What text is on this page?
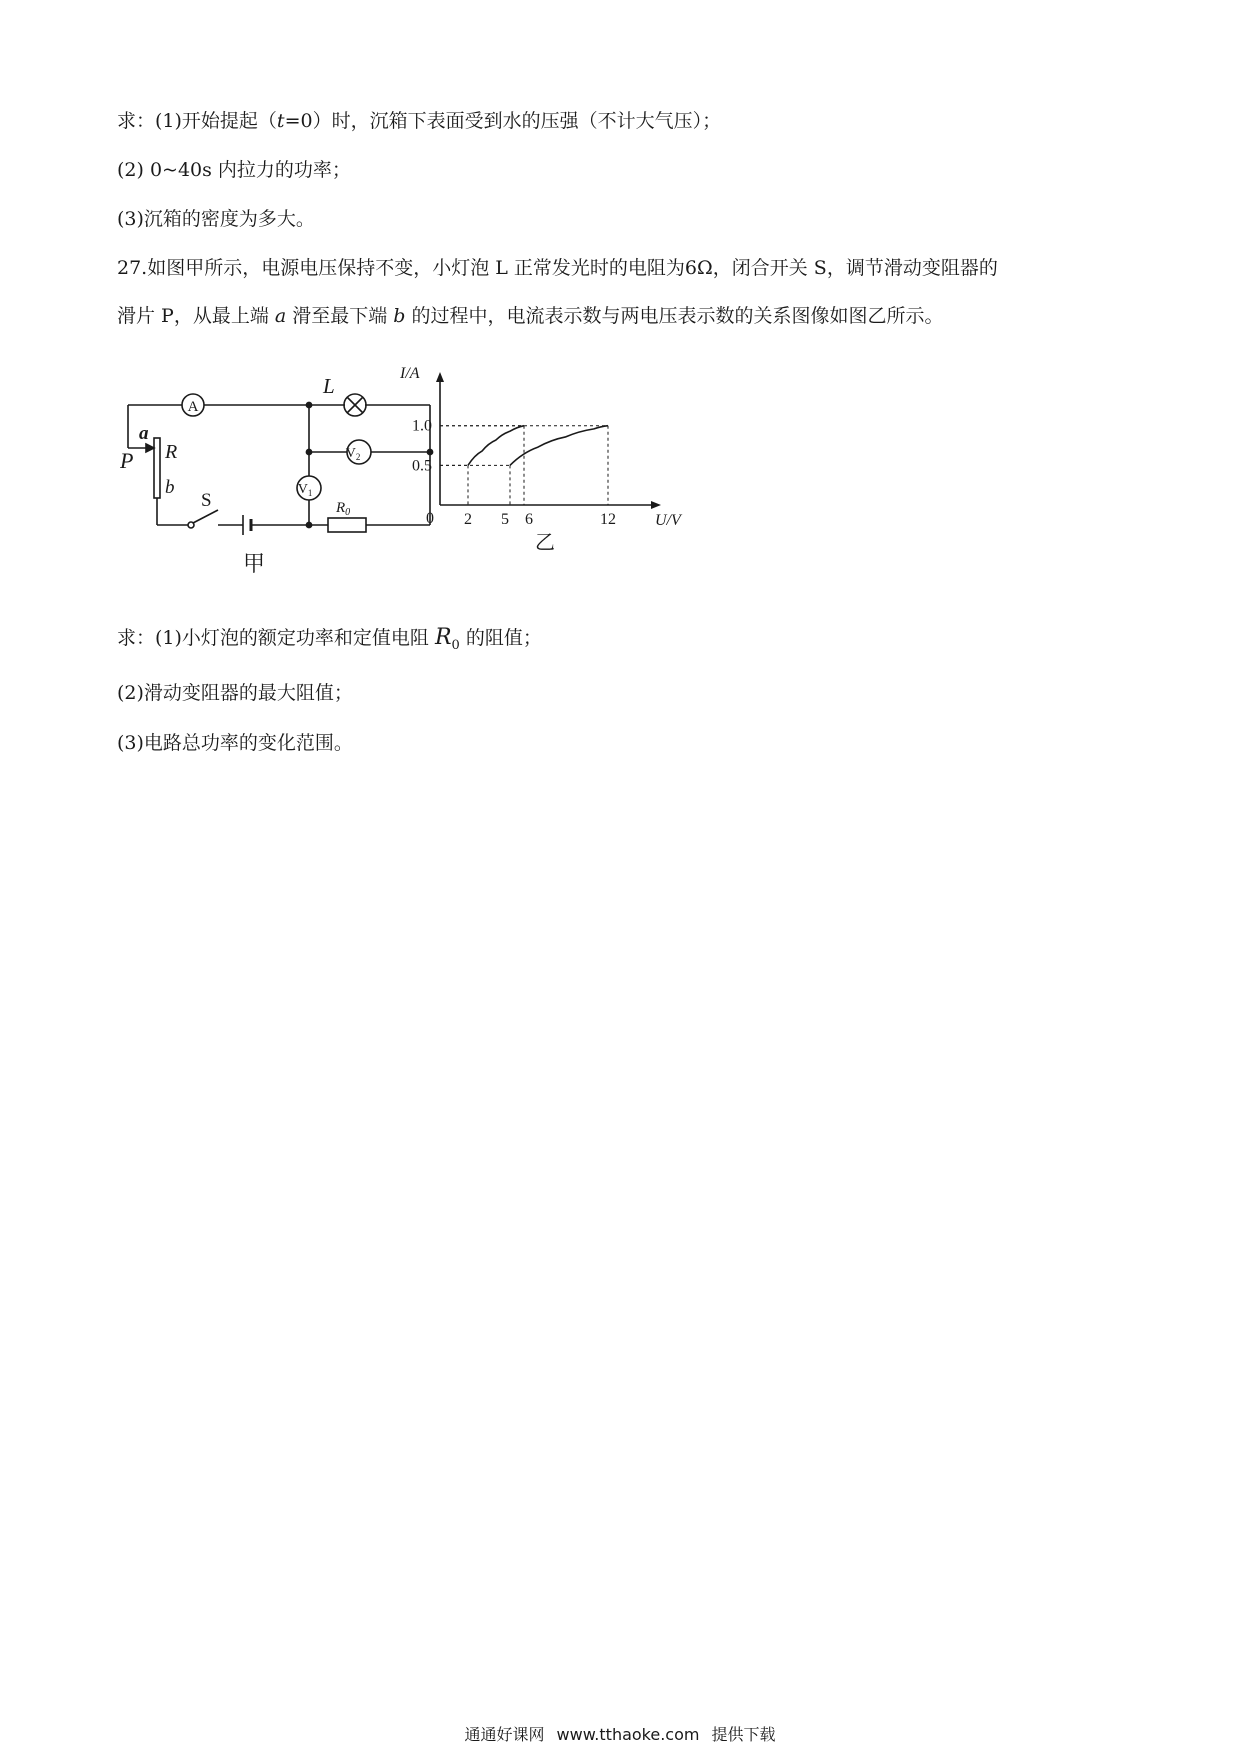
求：(1)开始提起（t=0）时，沉箱下表面受到水的压强（不计大气压）；
(2) 0~40s 内拉力的功率；
(3)沉箱的密度为多大。
27.如图甲所示，电源电压保持不变，小灯泡 L 正常发光时的电阻为6Ω，闭合开关 S，调节滑动变阻器的
滑片 P，从最上端 a 滑至最下端 b 的过程中，电流表示数与两电压表示数的关系图像如图乙所示。
A
$V_2$
$V_1$
L
a
R
P
b
S	$R_0$
甲
2 5 6	12
0.5
1.0
I/A
U/V
0
乙
求：(1)小灯泡的额定功率和定值电阻 $R_0$ 的阻值；
(2)滑动变阻器的最大阻值；
(3)电路总功率的变化范围。
通通好课网 www.tthaoke.com 提供下载
